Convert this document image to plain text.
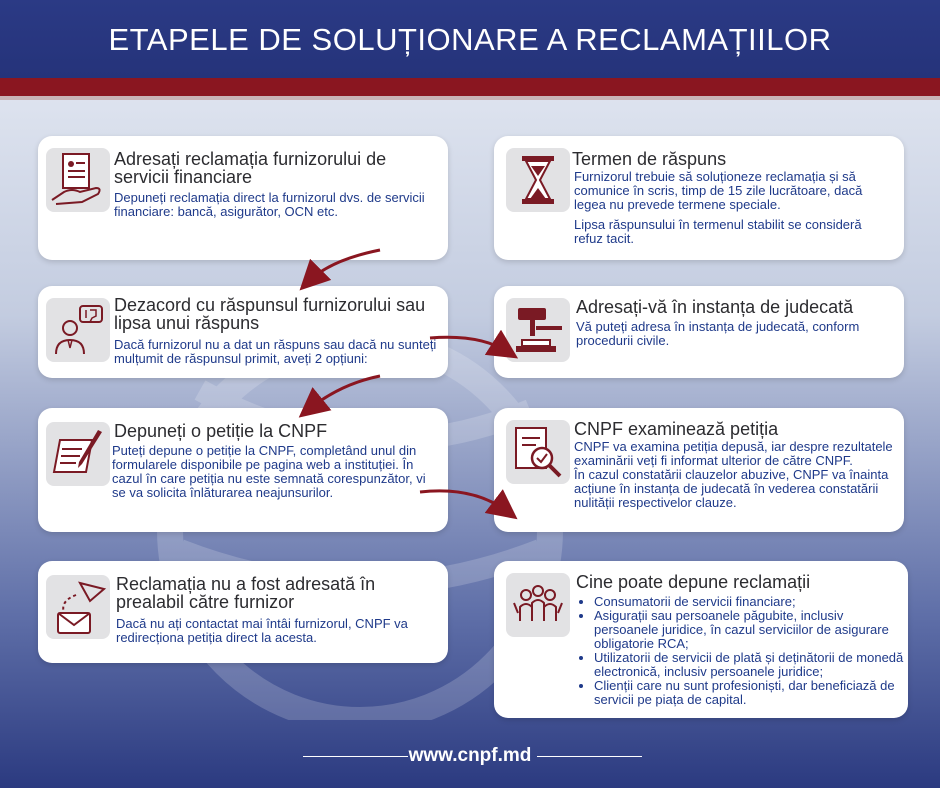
ETAPELE DE SOLUȚIONARE A RECLAMAȚIILOR
Adresați reclamația furnizorului de servicii financiare

Depuneți reclamația direct la furnizorul dvs. de servicii financiare: bancă, asigurător, OCN etc.

Dezacord cu răspunsul furnizorului sau lipsa unui răspuns

Dacă furnizorul nu a dat un răspuns sau dacă nu sunteți mulțumit de răspunsul primit, aveți 2 opțiuni:

Depuneți o petiție la CNPF

Puteți depune o petiție la CNPF, completând unul din formularele disponibile pe pagina web a instituției. În cazul în care petiția nu este semnată corespunzător, vi se va solicita înlăturarea neajunsurilor.

Reclamația nu a fost adresată în prealabil către furnizor

Dacă nu ați contactat mai întâi furnizorul, CNPF va redirecționa petiția direct la acesta.

Termen de răspuns

Furnizorul trebuie să soluționeze reclamația și să comunice în scris, timp de 15 zile lucrătoare, dacă legea nu prevede termene speciale.

Lipsa răspunsului în termenul stabilit se consideră refuz tacit.

Adresați-vă în instanța de judecată

Vă puteți adresa în instanța de judecată, conform procedurii civile.

CNPF examinează petiția

CNPF va examina petiția depusă, iar despre rezultatele examinării veți fi informat ulterior de către CNPF.

În cazul constatării clauzelor abuzive, CNPF va înainta acțiune în instanța de judecată în vederea constatării nulității respectivelor clauze.

Cine poate depune reclamații
• Consumatorii de servicii financiare;
• Asigurații sau persoanele păgubite, inclusiv persoanele juridice, în cazul serviciilor de asigurare obligatorie RCA;
• Utilizatorii de servicii de plată și deținătorii de monedă electronică, inclusiv persoanele juridice;
• Clienții care nu sunt profesioniști, dar beneficiază de servicii pe piața de capital.
www.cnpf.md
